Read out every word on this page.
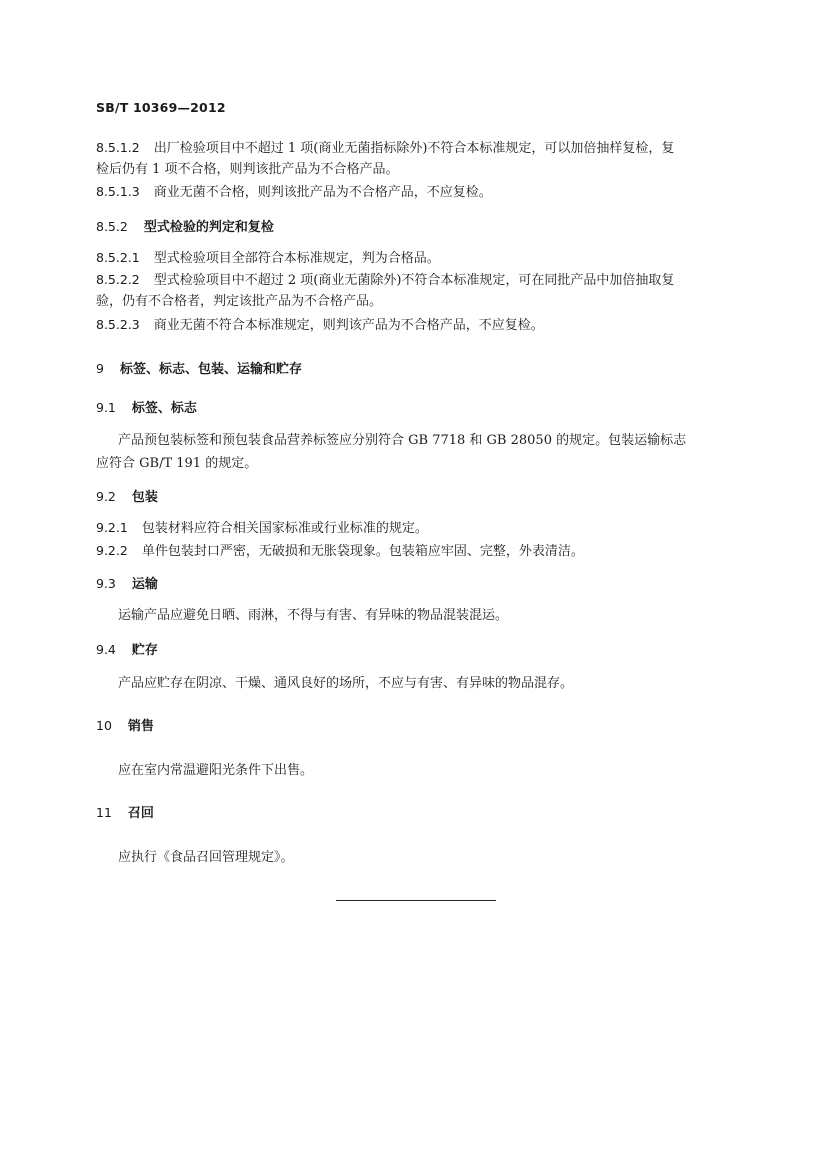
SB/T 10369—2012
8.5.1.2 出厂检验项目中不超过 1 项(商业无菌指标除外)不符合本标准规定，可以加倍抽样复检，复
检后仍有 1 项不合格，则判该批产品为不合格产品。
8.5.1.3 商业无菌不合格，则判该批产品为不合格产品，不应复检。
8.5.2 型式检验的判定和复检
8.5.2.1 型式检验项目全部符合本标准规定，判为合格品。
8.5.2.2 型式检验项目中不超过 2 项(商业无菌除外)不符合本标准规定，可在同批产品中加倍抽取复
验，仍有不合格者，判定该批产品为不合格产品。
8.5.2.3 商业无菌不符合本标准规定，则判该产品为不合格产品，不应复检。
9 标签、标志、包装、运输和贮存
9.1 标签、标志
产品预包装标签和预包装食品营养标签应分别符合 GB 7718 和 GB 28050 的规定。包装运输标志
应符合 GB/T 191 的规定。
9.2 包装
9.2.1 包装材料应符合相关国家标准或行业标准的规定。
9.2.2 单件包装封口严密，无破损和无胀袋现象。包装箱应牢固、完整，外表清洁。
9.3 运输
运输产品应避免日晒、雨淋，不得与有害、有异味的物品混装混运。
9.4 贮存
产品应贮存在阴凉、干燥、通风良好的场所，不应与有害、有异味的物品混存。
10 销售
应在室内常温避阳光条件下出售。
11 召回
应执行《食品召回管理规定》。
